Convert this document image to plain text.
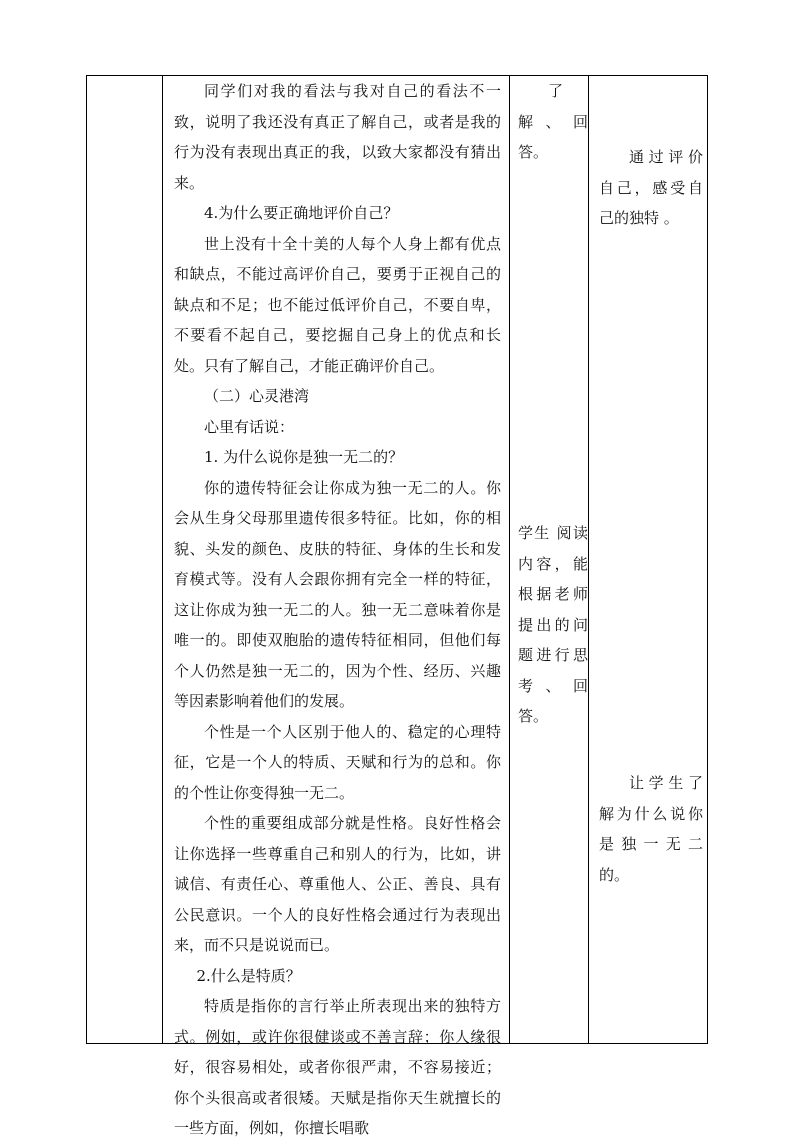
同学们对我的看法与我对自己的看法不一致，说明了我还没有真正了解自己，或者是我的行为没有表现出真正的我，以致大家都没有猜出来。

4.为什么要正确地评价自己？

世上没有十全十美的人每个人身上都有优点和缺点，不能过高评价自己，要勇于正视自己的缺点和不足；也不能过低评价自己，不要自卑，不要看不起自己，要挖掘自己身上的优点和长处。只有了解自己，才能正确评价自己。

（二）心灵港湾

心里有话说：

1. 为什么说你是独一无二的？

你的遗传特征会让你成为独一无二的人。你会从生身父母那里遗传很多特征。比如，你的相貌、头发的颜色、皮肤的特征、身体的生长和发育模式等。没有人会跟你拥有完全一样的特征，这让你成为独一无二的人。独一无二意味着你是唯一的。即使双胞胎的遗传特征相同，但他们每个人仍然是独一无二的，因为个性、经历、兴趣等因素影响着他们的发展。

个性是一个人区别于他人的、稳定的心理特征，它是一个人的特质、天赋和行为的总和。你的个性让你变得独一无二。

个性的重要组成部分就是性格。良好性格会让你选择一些尊重自己和别人的行为，比如，讲诚信、有责任心、尊重他人、公正、善良、具有公民意识。一个人的良好性格会通过行为表现出来，而不只是说说而已。

2.什么是特质？

特质是指你的言行举止所表现出来的独特方式。例如，或许你很健谈或不善言辞；你人缘很好，很容易相处，或者你很严肃，不容易接近；你个头很高或者很矮。天赋是指你天生就擅长的一些方面，例如，你擅长唱歌

了解、回答。

学生 阅读内容，能根据老师提出的问题进行思考、回答。

通过评价自己，感受自己的独特 。

让学生了解为什么说你是独一无二的。
